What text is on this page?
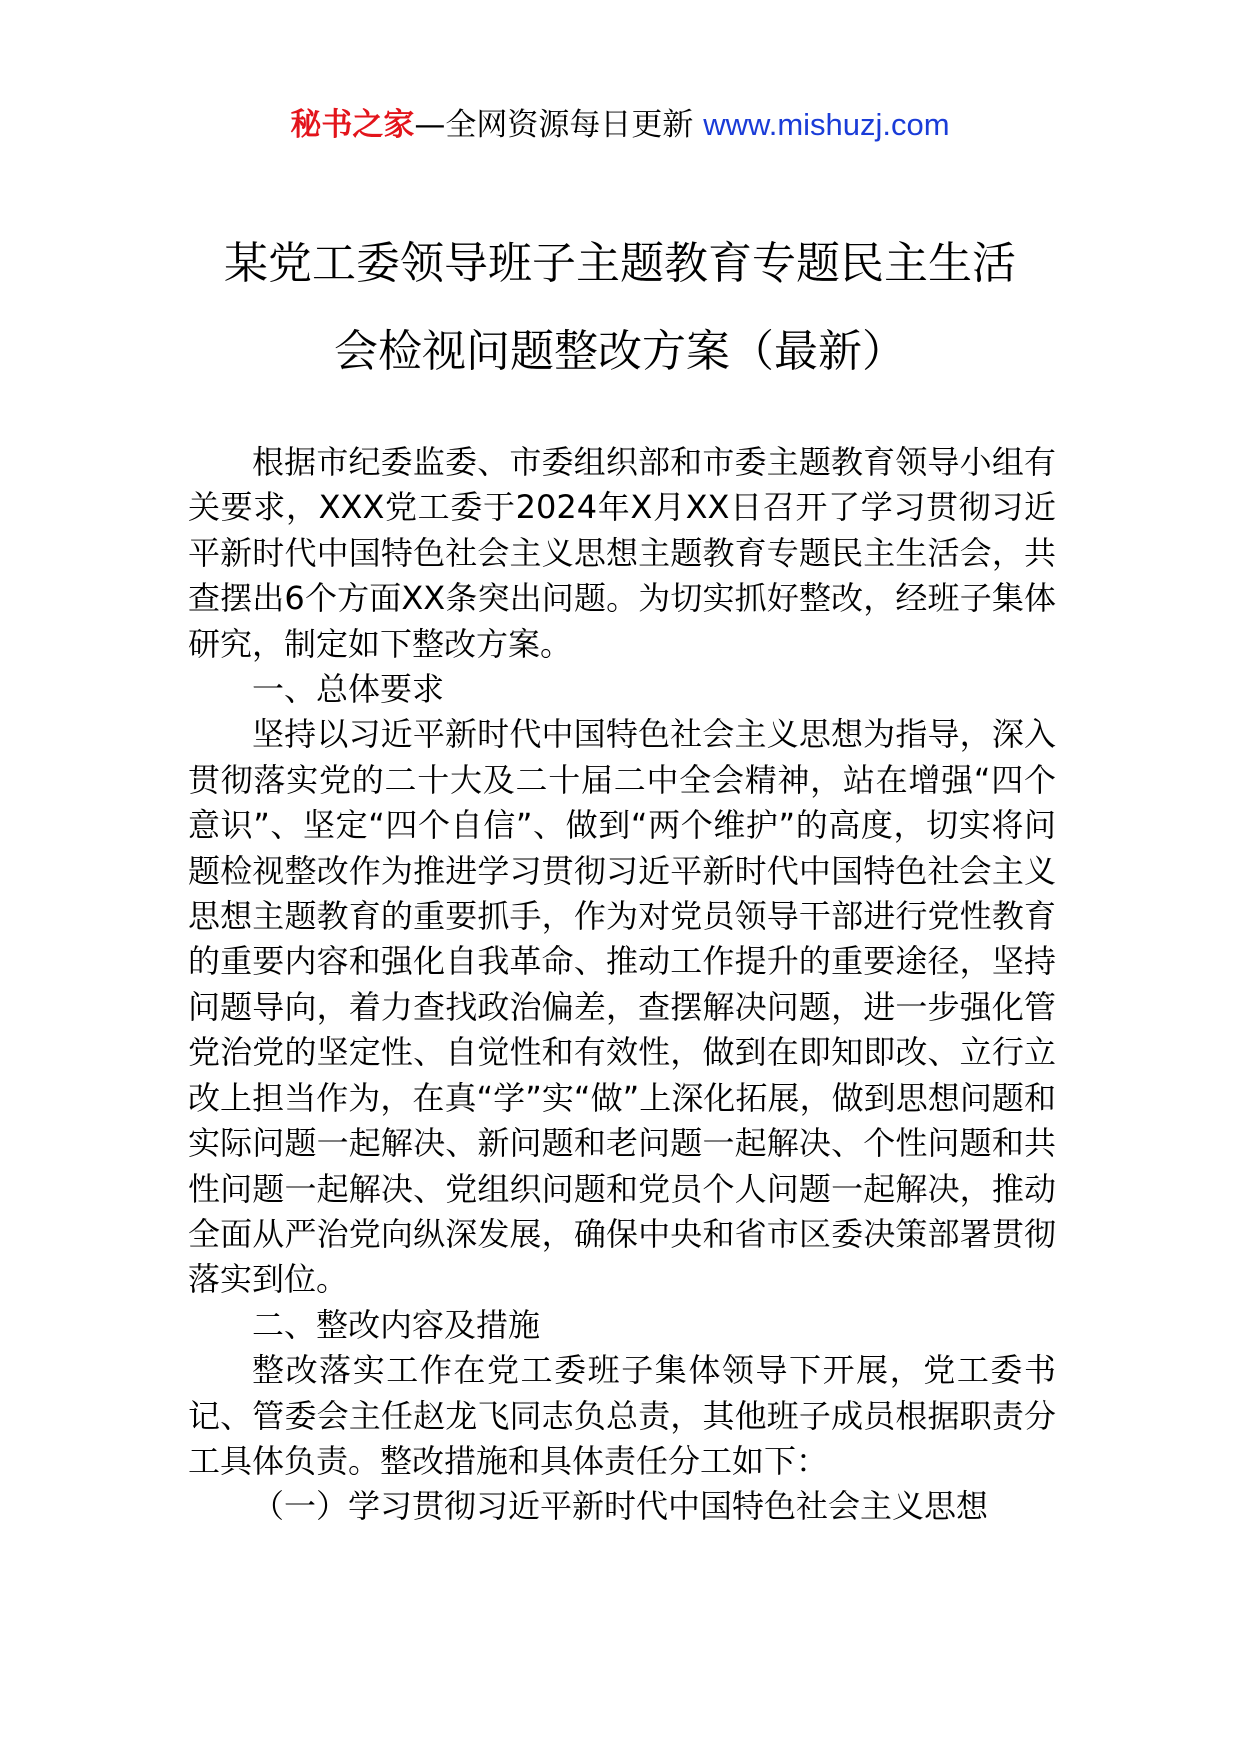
秘书之家—全网资源每日更新 www.mishuzj.com
某党工委领导班子主题教育专题民主生活
会检视问题整改方案（最新）

根据市纪委监委、市委组织部和市委主题教育领导小组有关要求，XXX党工委于2024年X月XX日召开了学习贯彻习近平新时代中国特色社会主义思想主题教育专题民主生活会，共查摆出6个方面XX条突出问题。为切实抓好整改，经班子集体研究，制定如下整改方案。

一、总体要求

坚持以习近平新时代中国特色社会主义思想为指导，深入贯彻落实党的二十大及二十届二中全会精神，站在增强“四个意识”、坚定“四个自信”、做到“两个维护”的高度，切实将问题检视整改作为推进学习贯彻习近平新时代中国特色社会主义思想主题教育的重要抓手，作为对党员领导干部进行党性教育的重要内容和强化自我革命、推动工作提升的重要途径，坚持问题导向，着力查找政治偏差，查摆解决问题，进一步强化管党治党的坚定性、自觉性和有效性，做到在即知即改、立行立改上担当作为，在真“学”实“做”上深化拓展，做到思想问题和实际问题一起解决、新问题和老问题一起解决、个性问题和共性问题一起解决、党组织问题和党员个人问题一起解决，推动全面从严治党向纵深发展，确保中央和省市区委决策部署贯彻落实到位。

二、整改内容及措施

整改落实工作在党工委班子集体领导下开展，党工委书记、管委会主任赵龙飞同志负总责，其他班子成员根据职责分工具体负责。整改措施和具体责任分工如下：

（一）学习贯彻习近平新时代中国特色社会主义思想
